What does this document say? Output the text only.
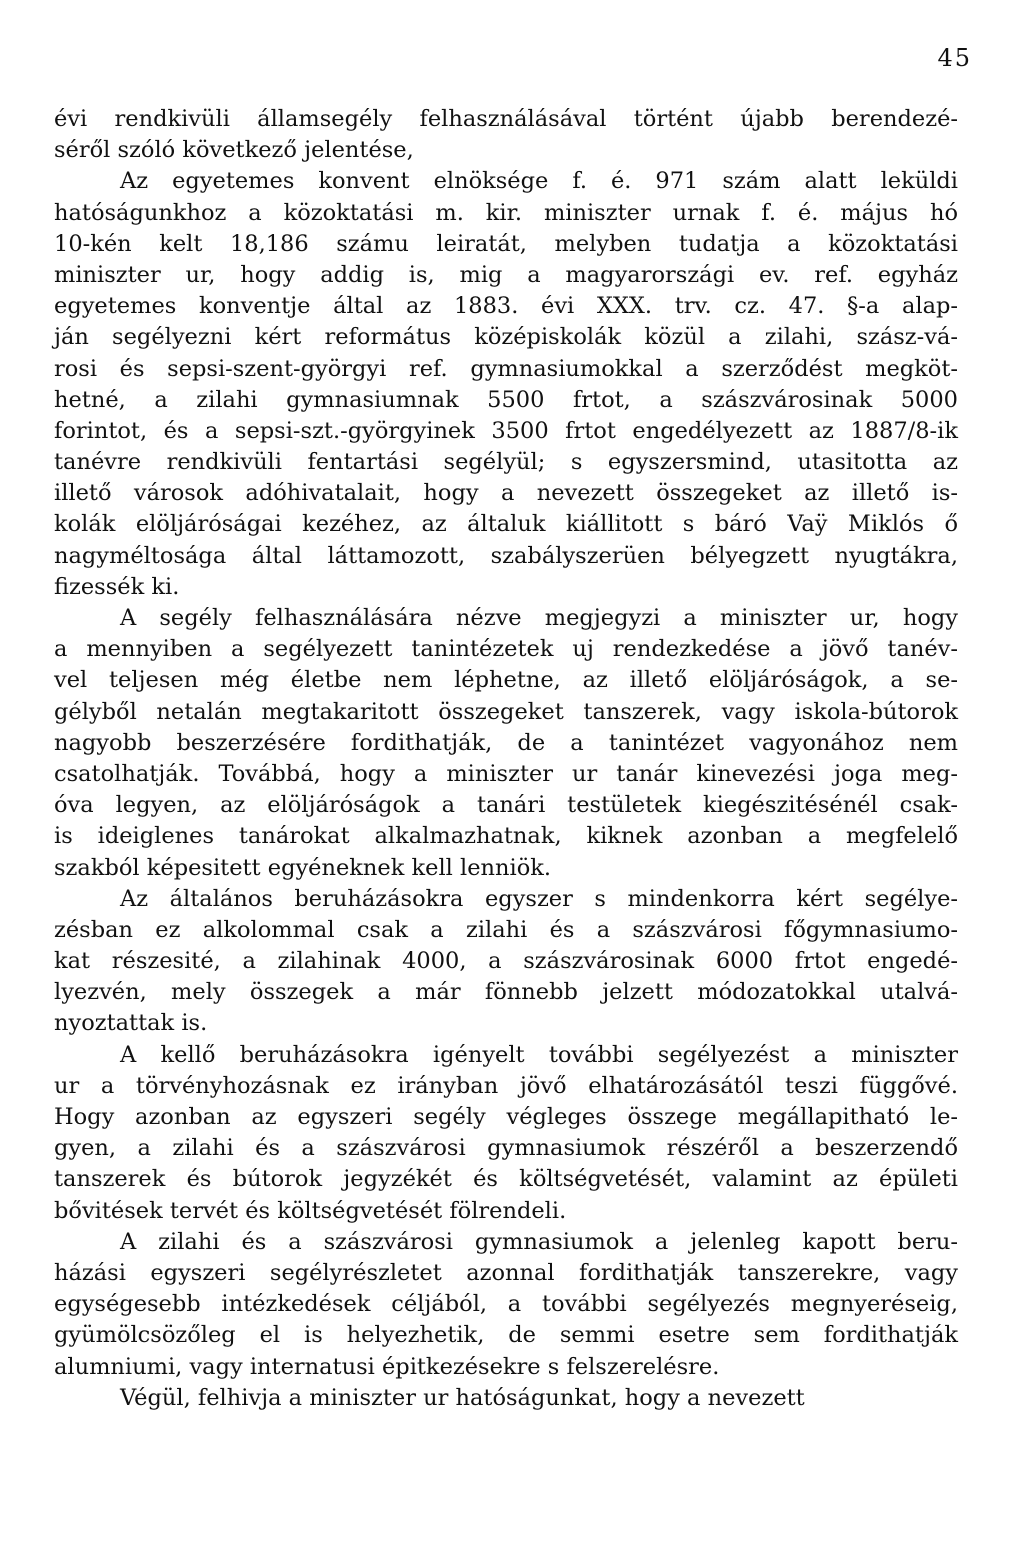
45
évi rendkivüli államsegély felhasználásával történt újabb berendezé-
séről szóló következő jelentése,
Az egyetemes konvent elnöksége f. é. 971 szám alatt leküldi
hatóságunkhoz a közoktatási m. kir. miniszter urnak f. é. május hó
10-kén kelt 18,186 számu leiratát, melyben tudatja a közoktatási
miniszter ur, hogy addig is, mig a magyarországi ev. ref. egyház
egyetemes konventje által az 1883. évi XXX. trv. cz. 47. §-a alap-
ján segélyezni kért református középiskolák közül a zilahi, szász-vá-
rosi és sepsi-szent-györgyi ref. gymnasiumokkal a szerződést megköt-
hetné, a zilahi gymnasiumnak 5500 frtot, a szászvárosinak 5000
forintot, és a sepsi-szt.-györgyinek 3500 frtot engedélyezett az 1887/8-ik
tanévre rendkivüli fentartási segélyül; s egyszersmind, utasitotta az
illető városok adóhivatalait, hogy a nevezett összegeket az illető is-
kolák elöljáróságai kezéhez, az általuk kiállitott s báró Vaÿ Miklós ő
nagyméltosága által láttamozott, szabályszerüen bélyegzett nyugtákra,
fizessék ki.
A segély felhasználására nézve megjegyzi a miniszter ur, hogy
a mennyiben a segélyezett tanintézetek uj rendezkedése a jövő tanév-
vel teljesen még életbe nem léphetne, az illető elöljáróságok, a se-
gélyből netalán megtakaritott összegeket tanszerek, vagy iskola-bútorok
nagyobb beszerzésére fordithatják, de a tanintézet vagyonához nem
csatolhatják. Továbbá, hogy a miniszter ur tanár kinevezési joga meg-
óva legyen, az elöljáróságok a tanári testületek kiegészitésénél csak-
is ideiglenes tanárokat alkalmazhatnak, kiknek azonban a megfelelő
szakból képesitett egyéneknek kell lenniök.
Az általános beruházásokra egyszer s mindenkorra kért segélye-
zésban ez alkolommal csak a zilahi és a szászvárosi főgymnasiumo-
kat részesité, a zilahinak 4000, a szászvárosinak 6000 frtot engedé-
lyezvén, mely összegek a már fönnebb jelzett módozatokkal utalvá-
nyoztattak is.
A kellő beruházásokra igényelt további segélyezést a miniszter
ur a törvényhozásnak ez irányban jövő elhatározásától teszi függővé.
Hogy azonban az egyszeri segély végleges összege megállapitható le-
gyen, a zilahi és a szászvárosi gymnasiumok részéről a beszerzendő
tanszerek és bútorok jegyzékét és költségvetését, valamint az épületi
bővitések tervét és költségvetését fölrendeli.
A zilahi és a szászvárosi gymnasiumok a jelenleg kapott beru-
házási egyszeri segélyrészletet azonnal fordithatják tanszerekre, vagy
egységesebb intézkedések céljából, a további segélyezés megnyeréseig,
gyümölcsözőleg el is helyezhetik, de semmi esetre sem fordithatják
alumniumi, vagy internatusi épitkezésekre s felszerelésre.
Végül, felhivja a miniszter ur hatóságunkat, hogy a nevezett
